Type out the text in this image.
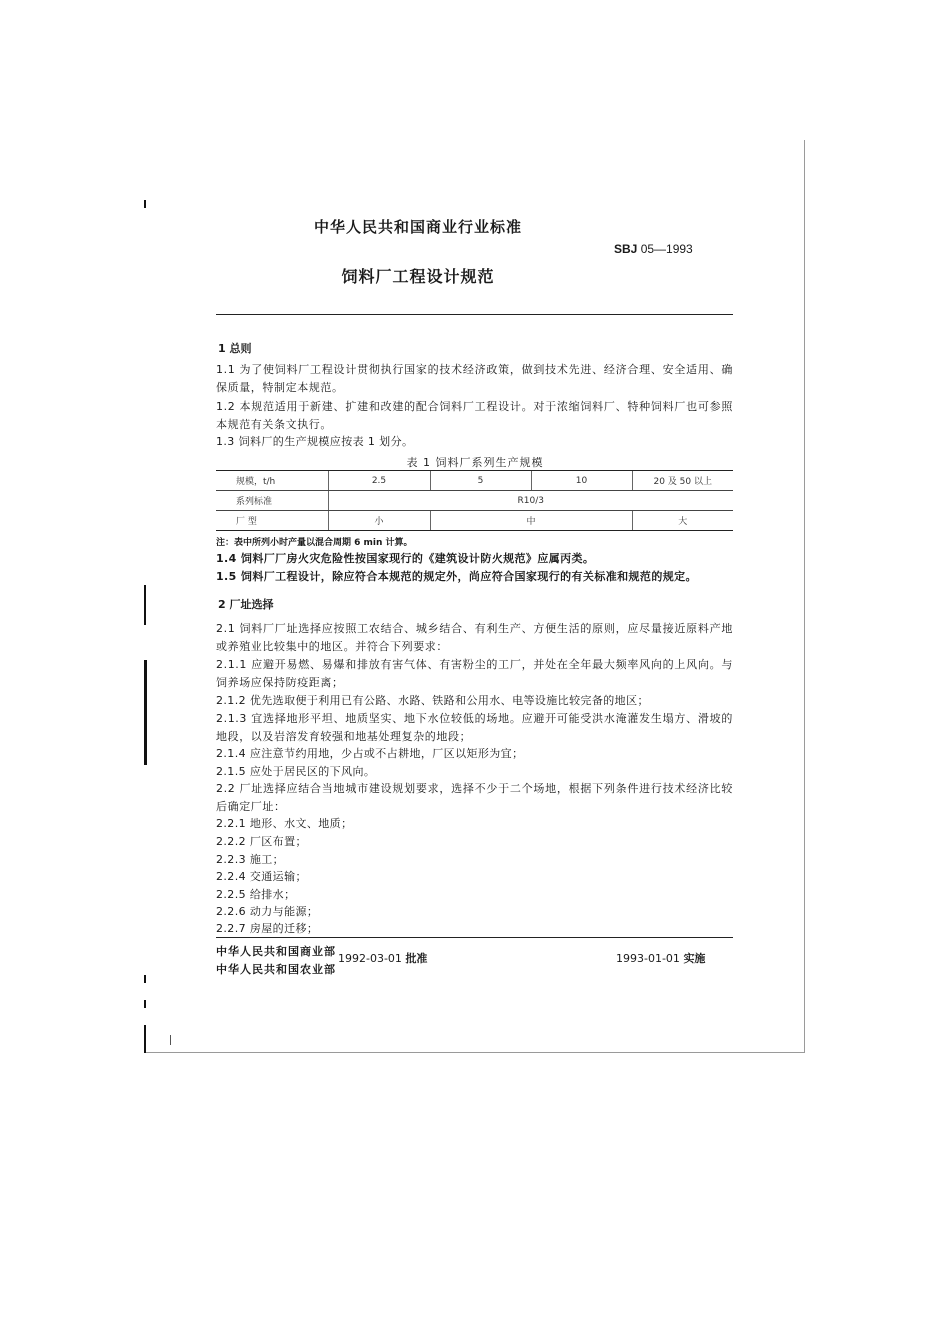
中华人民共和国商业行业标准
SBJ 05—1993
饲料厂工程设计规范
1 总则
1.1 为了使饲料厂工程设计贯彻执行国家的技术经济政策，做到技术先进、经济合理、安全适用、确保质量，特制定本规范。
1.2 本规范适用于新建、扩建和改建的配合饲料厂工程设计。对于浓缩饲料厂、特种饲料厂也可参照本规范有关条文执行。
1.3 饲料厂的生产规模应按表 1 划分。
表 1 饲料厂系列生产规模
规模，t/h	2.5	5	10	20 及 50 以上
系列标准	R10/3			
厂 型	小	中		大
注：表中所列小时产量以混合周期 6 min 计算。
1.4 饲料厂厂房火灾危险性按国家现行的《建筑设计防火规范》应属丙类。
1.5 饲料厂工程设计，除应符合本规范的规定外，尚应符合国家现行的有关标准和规范的规定。
2 厂址选择
2.1 饲料厂厂址选择应按照工农结合、城乡结合、有利生产、方便生活的原则，应尽量接近原料产地或养殖业比较集中的地区。并符合下列要求：
2.1.1 应避开易燃、易爆和排放有害气体、有害粉尘的工厂，并处在全年最大频率风向的上风向。与饲养场应保持防疫距离；
2.1.2 优先选取便于利用已有公路、水路、铁路和公用水、电等设施比较完备的地区；
2.1.3 宜选择地形平坦、地质坚实、地下水位较低的场地。应避开可能受洪水淹灌发生塌方、滑坡的地段，以及岩溶发育较强和地基处理复杂的地段；
2.1.4 应注意节约用地，少占或不占耕地，厂区以矩形为宜；
2.1.5 应处于居民区的下风向。
2.2 厂址选择应结合当地城市建设规划要求，选择不少于二个场地，根据下列条件进行技术经济比较后确定厂址：
2.2.1 地形、水文、地质；
2.2.2 厂区布置；
2.2.3 施工；
2.2.4 交通运输；
2.2.5 给排水；
2.2.6 动力与能源；
2.2.7 房屋的迁移；
中华人民共和国商业部
中华人民共和国农业部
1992-03-01 批准	1993-01-01 实施
